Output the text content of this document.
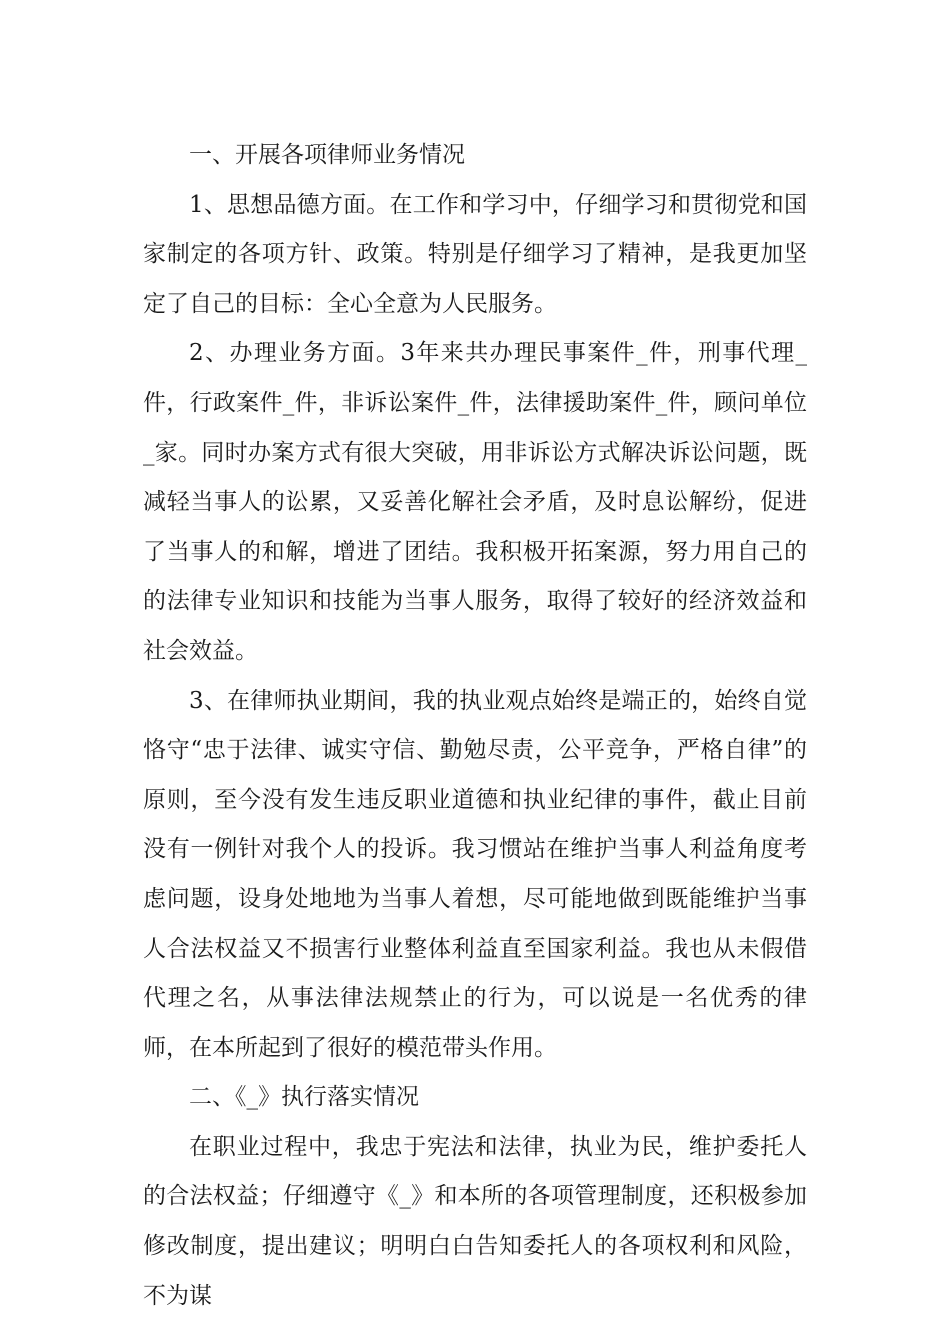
一、开展各项律师业务情况

1、思想品德方面。在工作和学习中，仔细学习和贯彻党和国家制定的各项方针、政策。特别是仔细学习了精神，是我更加坚定了自己的目标：全心全意为人民服务。

2、办理业务方面。3年来共办理民事案件_件，刑事代理_件，行政案件_件，非诉讼案件_件，法律援助案件_件，顾问单位_家。同时办案方式有很大突破，用非诉讼方式解决诉讼问题，既减轻当事人的讼累，又妥善化解社会矛盾，及时息讼解纷，促进了当事人的和解，增进了团结。我积极开拓案源，努力用自己的的法律专业知识和技能为当事人服务，取得了较好的经济效益和社会效益。

3、在律师执业期间，我的执业观点始终是端正的，始终自觉恪守“忠于法律、诚实守信、勤勉尽责，公平竞争，严格自律”的原则，至今没有发生违反职业道德和执业纪律的事件，截止目前没有一例针对我个人的投诉。我习惯站在维护当事人利益角度考虑问题，设身处地地为当事人着想，尽可能地做到既能维护当事人合法权益又不损害行业整体利益直至国家利益。我也从未假借代理之名，从事法律法规禁止的行为，可以说是一名优秀的律师，在本所起到了很好的模范带头作用。

二、《_》执行落实情况

在职业过程中，我忠于宪法和法律，执业为民，维护委托人的合法权益；仔细遵守《_》和本所的各项管理制度，还积极参加修改制度，提出建议；明明白白告知委托人的各项权利和风险，不为谋
